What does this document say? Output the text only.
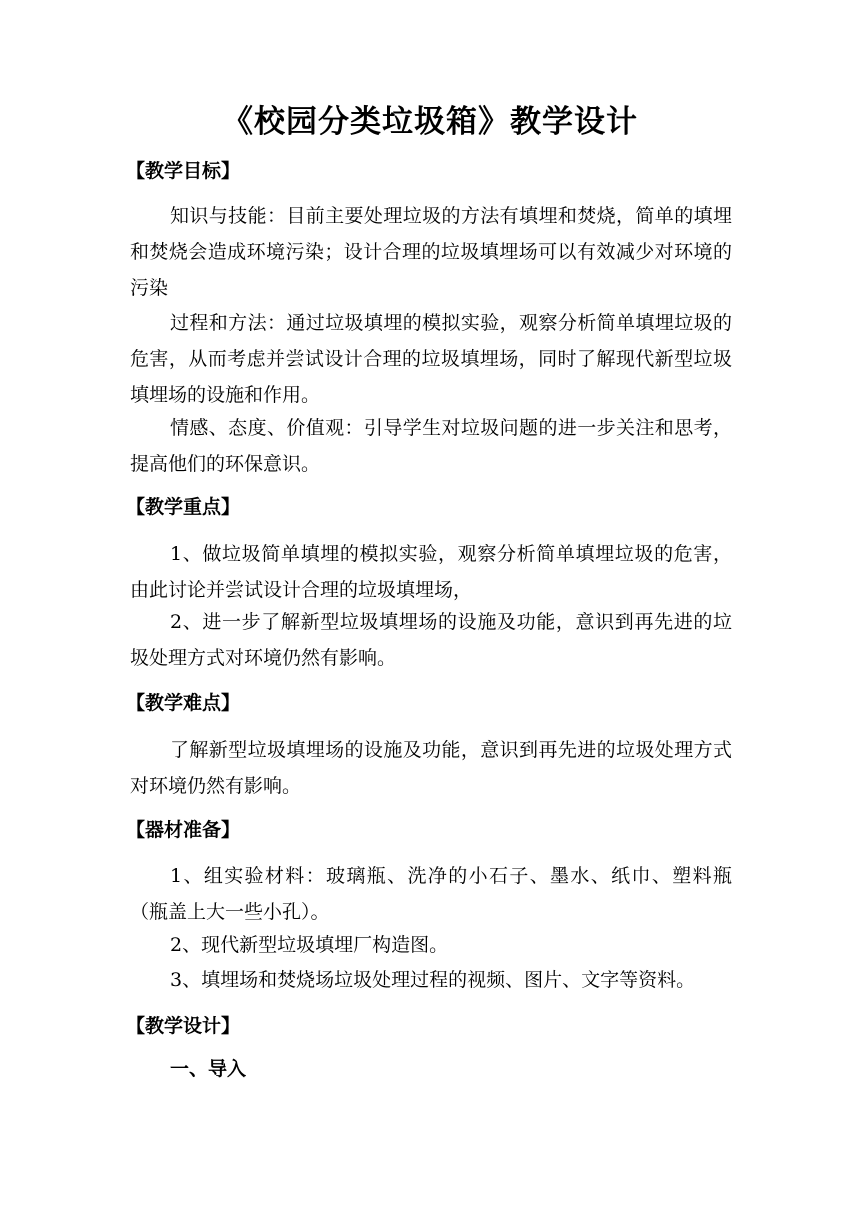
《校园分类垃圾箱》教学设计
【教学目标】
知识与技能：目前主要处理垃圾的方法有填埋和焚烧，简单的填埋和焚烧会造成环境污染；设计合理的垃圾填埋场可以有效减少对环境的污染
过程和方法：通过垃圾填埋的模拟实验，观察分析简单填埋垃圾的危害，从而考虑并尝试设计合理的垃圾填埋场，同时了解现代新型垃圾填埋场的设施和作用。
情感、态度、价值观：引导学生对垃圾问题的进一步关注和思考，提高他们的环保意识。
【教学重点】
1、做垃圾简单填埋的模拟实验，观察分析简单填埋垃圾的危害，由此讨论并尝试设计合理的垃圾填埋场，
2、进一步了解新型垃圾填埋场的设施及功能，意识到再先进的垃圾处理方式对环境仍然有影响。
【教学难点】
了解新型垃圾填埋场的设施及功能，意识到再先进的垃圾处理方式对环境仍然有影响。
【器材准备】
1、组实验材料：玻璃瓶、洗净的小石子、墨水、纸巾、塑料瓶（瓶盖上大一些小孔）。
2、现代新型垃圾填埋厂构造图。
3、填埋场和焚烧场垃圾处理过程的视频、图片、文字等资料。
【教学设计】
一、导入
